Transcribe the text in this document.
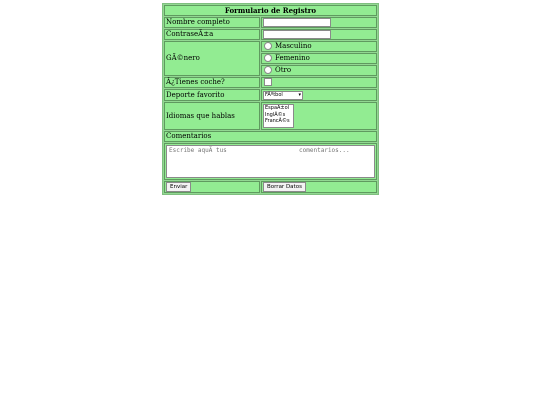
Formulario de Registro	
Nombre completo	

ContraseÃ±a	

GÃ©nero	Masculino
	Femenino
	Otro
Â¿Tienes coche?	
Deporte favorito	FÃºtbol ▾

Idiomas que hablas	EspaÃ±ol
InglÃ©s
FrancÃ©s

Comentarios	

Escribe aquÃ tus comentarios...
Enviar	Borrar Datos
